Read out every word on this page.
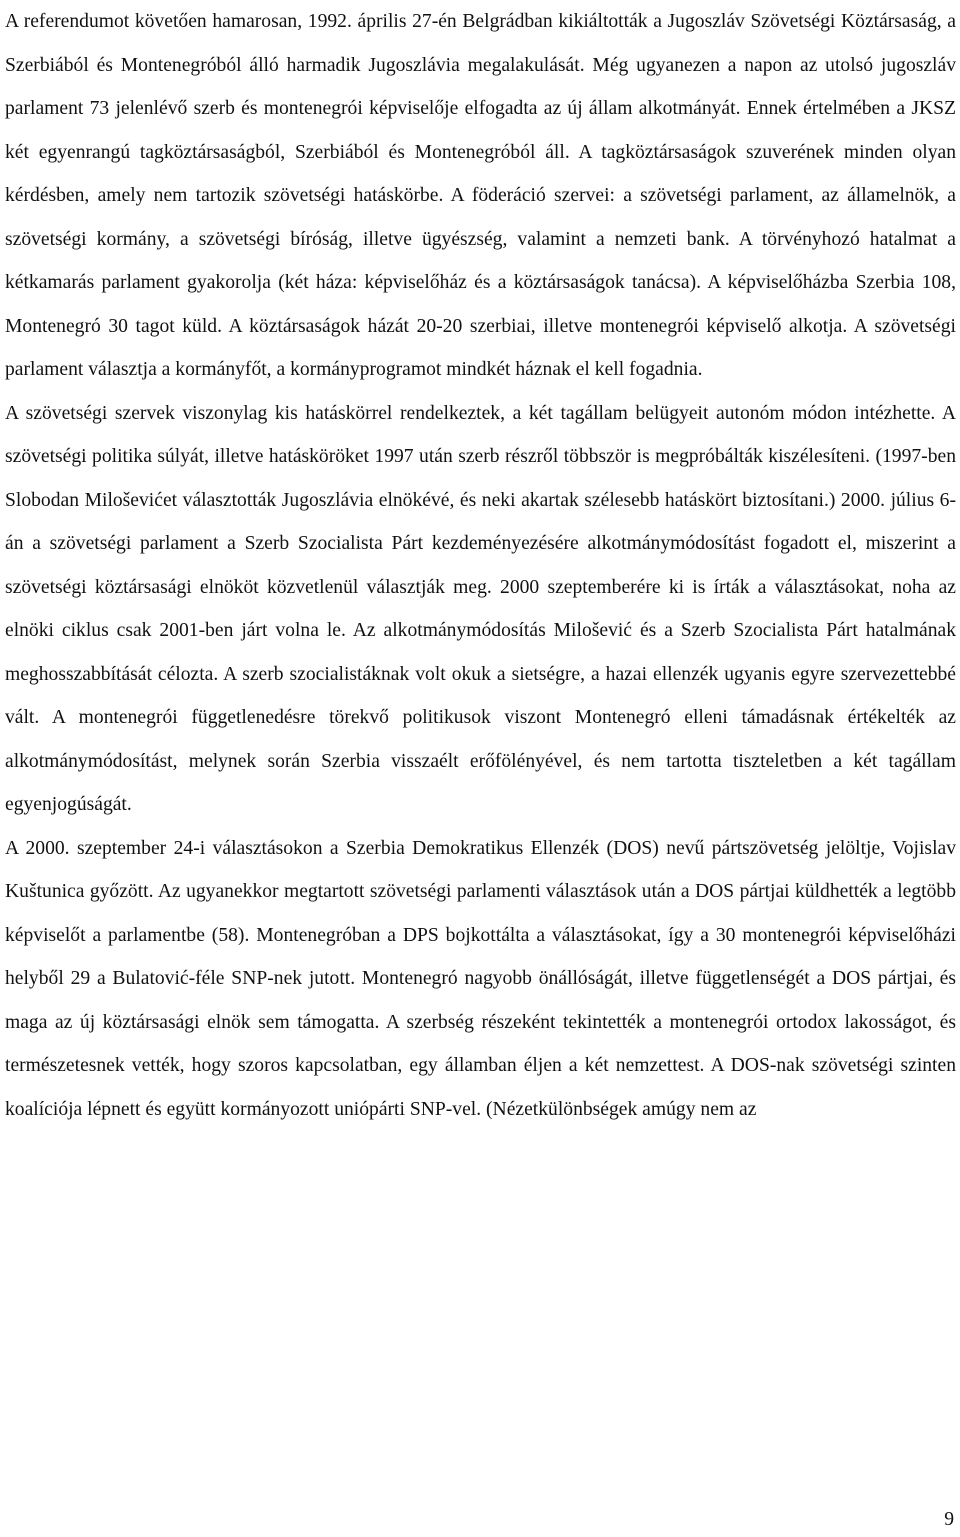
A referendumot követően hamarosan, 1992. április 27-én Belgrádban kikiáltották a Jugoszláv Szövetségi Köztársaság, a Szerbiából és Montenegróból álló harmadik Jugoszlávia megalakulását. Még ugyanezen a napon az utolsó jugoszláv parlament 73 jelenlévő szerb és montenegrói képviselője elfogadta az új állam alkotmányát. Ennek értelmében a JKSZ két egyenrangú tagköztársaságból, Szerbiából és Montenegróból áll. A tagköztársaságok szuverének minden olyan kérdésben, amely nem tartozik szövetségi hatáskörbe. A föderáció szervei: a szövetségi parlament, az államelnök, a szövetségi kormány, a szövetségi bíróság, illetve ügyészség, valamint a nemzeti bank. A törvényhozó hatalmat a kétkamarás parlament gyakorolja (két háza: képviselőház és a köztársaságok tanácsa). A képviselőházba Szerbia 108, Montenegró 30 tagot küld. A köztársaságok házát 20-20 szerbiai, illetve montenegrói képviselő alkotja. A szövetségi parlament választja a kormányfőt, a kormányprogramot mindkét háznak el kell fogadnia.

A szövetségi szervek viszonylag kis hatáskörrel rendelkeztek, a két tagállam belügyeit autonóm módon intézhette. A szövetségi politika súlyát, illetve hatásköröket 1997 után szerb részről többször is megpróbálták kiszélesíteni. (1997-ben Slobodan Miloševićet választották Jugoszlávia elnökévé, és neki akartak szélesebb hatáskört biztosítani.) 2000. július 6-án a szövetségi parlament a Szerb Szocialista Párt kezdeményezésére alkotmánymódosítást fogadott el, miszerint a szövetségi köztársasági elnököt közvetlenül választják meg. 2000 szeptemberére ki is írták a választásokat, noha az elnöki ciklus csak 2001-ben járt volna le. Az alkotmánymódosítás Milošević és a Szerb Szocialista Párt hatalmának meghosszabbítását célozta. A szerb szocialistáknak volt okuk a sietségre, a hazai ellenzék ugyanis egyre szervezettebbé vált. A montenegrói függetlenedésre törekvő politikusok viszont Montenegró elleni támadásnak értékelték az alkotmánymódosítást, melynek során Szerbia visszaélt erőfölényével, és nem tartotta tiszteletben a két tagállam egyenjogúságát.

A 2000. szeptember 24-i választásokon a Szerbia Demokratikus Ellenzék (DOS) nevű pártszövetség jelöltje, Vojislav Kuštunica győzött. Az ugyanekkor megtartott szövetségi parlamenti választások után a DOS pártjai küldhették a legtöbb képviselőt a parlamentbe (58). Montenegróban a DPS bojkottálta a választásokat, így a 30 montenegrói képviselőházi helyből 29 a Bulatović-féle SNP-nek jutott. Montenegró nagyobb önállóságát, illetve függetlenségét a DOS pártjai, és maga az új köztársasági elnök sem támogatta. A szerbség részeként tekintették a montenegrói ortodox lakosságot, és természetesnek vették, hogy szoros kapcsolatban, egy államban éljen a két nemzettest. A DOS-nak szövetségi szinten koalíciója lépnett és együtt kormányozott uniópárti SNP-vel. (Nézetkülönbségek amúgy nem az

9
